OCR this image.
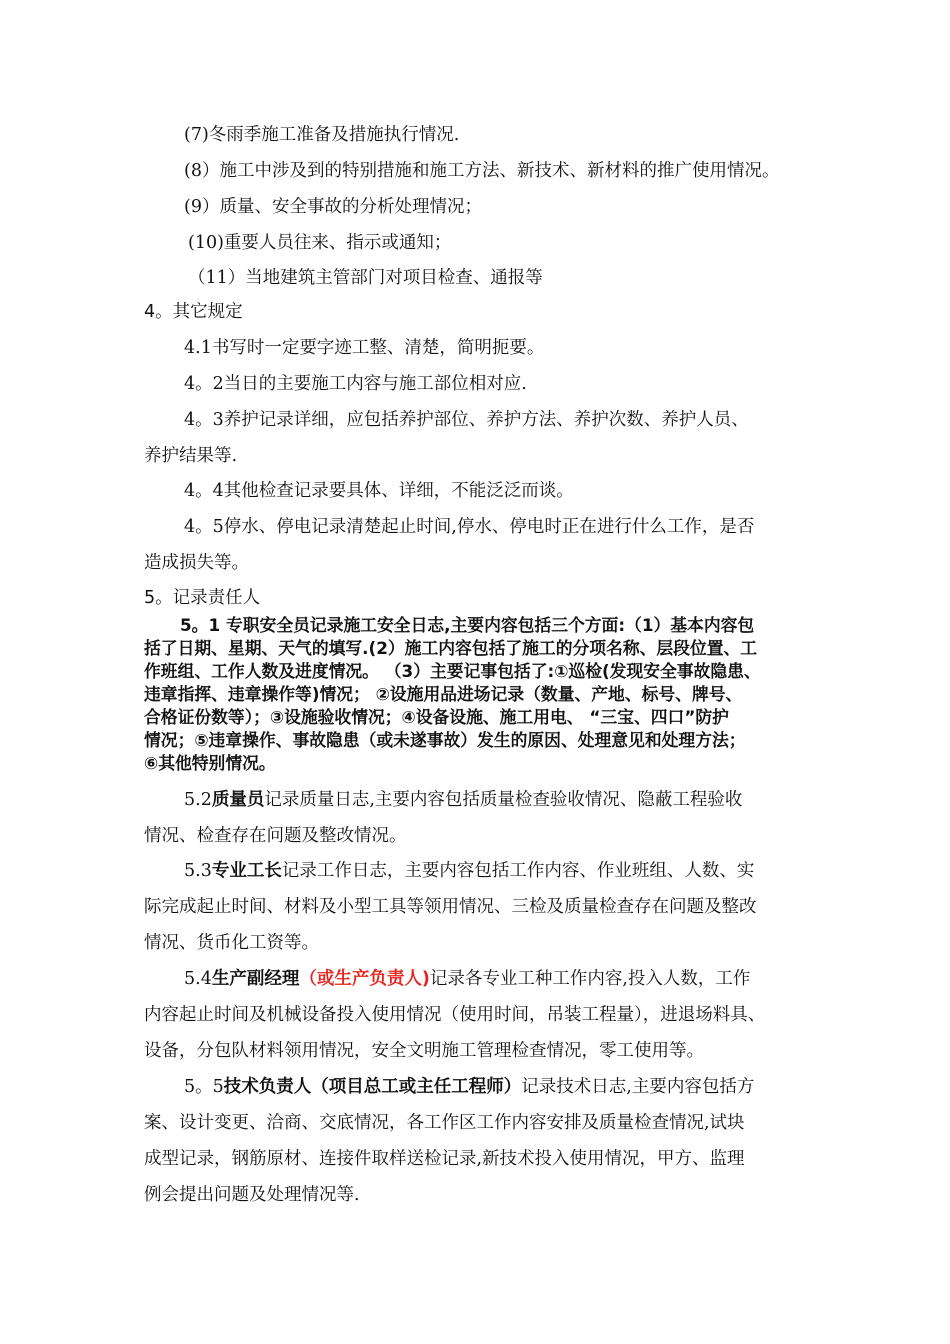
(7)冬雨季施工准备及措施执行情况.
(8）施工中涉及到的特别措施和施工方法、新技术、新材料的推广使用情况。
(9）质量、安全事故的分析处理情况；
(10)重要人员往来、指示或通知；
（11）当地建筑主管部门对项目检查、通报等
4。其它规定
4.1书写时一定要字迹工整、清楚，简明扼要。
4。2当日的主要施工内容与施工部位相对应.
4。3养护记录详细，应包括养护部位、养护方法、养护次数、养护人员、
养护结果等.
4。4其他检查记录要具体、详细，不能泛泛而谈。
4。5停水、停电记录清楚起止时间,停水、停电时正在进行什么工作，是否
造成损失等。
5。记录责任人
5。1 专职安全员记录施工安全日志,主要内容包括三个方面:（1）基本内容包
括了日期、星期、天气的填写.(2）施工内容包括了施工的分项名称、层段位置、工
作班组、工作人数及进度情况。 （3）主要记事包括了:①巡检(发现安全事故隐患、
违章指挥、违章操作等)情况； ②设施用品进场记录（数量、产地、标号、牌号、
合格证份数等）；③设施验收情况；④设备设施、施工用电、 “三宝、四口”防护
情况；⑤违章操作、事故隐患（或未遂事故）发生的原因、处理意见和处理方法；
⑥其他特别情况。
5.2质量员记录质量日志,主要内容包括质量检查验收情况、隐蔽工程验收
情况、检查存在问题及整改情况。
5.3专业工长记录工作日志，主要内容包括工作内容、作业班组、人数、实
际完成起止时间、材料及小型工具等领用情况、三检及质量检查存在问题及整改
情况、货币化工资等。
5.4生产副经理（或生产负责人)记录各专业工种工作内容,投入人数，工作
内容起止时间及机械设备投入使用情况（使用时间，吊装工程量），进退场料具、
设备，分包队材料领用情况，安全文明施工管理检查情况，零工使用等。
5。5技术负责人（项目总工或主任工程师）记录技术日志,主要内容包括方
案、设计变更、洽商、交底情况，各工作区工作内容安排及质量检查情况,试块
成型记录，钢筋原材、连接件取样送检记录,新技术投入使用情况，甲方、监理
例会提出问题及处理情况等.
